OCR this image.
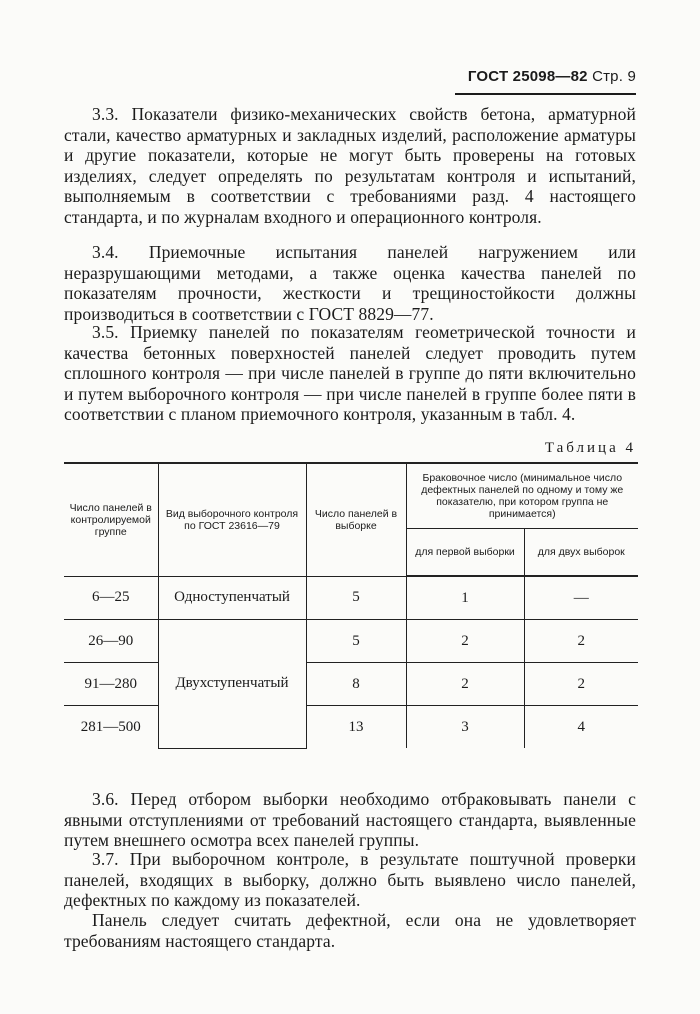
ГОСТ 25098—82 Стр. 9

3.3. Показатели физико-механических свойств бетона, арматурной стали, качество арматурных и закладных изделий, расположение арматуры и другие показатели, которые не могут быть проверены на готовых изделиях, следует определять по результатам контроля и испытаний, выполняемым в соответствии с требованиями разд. 4 настоящего стандарта, и по журналам входного и операционного контроля.

3.4. Приемочные испытания панелей нагружением или неразрушающими методами, а также оценка качества панелей по показателям прочности, жесткости и трещиностойкости должны производиться в соответствии с ГОСТ 8829—77.

3.5. Приемку панелей по показателям геометрической точности и качества бетонных поверхностей панелей следует проводить путем сплошного контроля — при числе панелей в группе до пяти включительно и путем выборочного контроля — при числе панелей в группе более пяти в соответствии с планом приемочного контроля, указанным в табл. 4.

Таблица 4
Число панелей в контролируемой группе	Вид выборочного контроля по ГОСТ 23616—79	Число панелей в выборке	Браковочное число (минимальное число дефектных панелей по одному и тому же показателю, при котором группа не принимается)	
			для первой выборки	для двух выборок
6—25	Одноступенчатый	5	1	—
26—90	Двухступенчатый	5	2	2
91—280		8	2	2
281—500		13	3	4

3.6. Перед отбором выборки необходимо отбраковывать панели с явными отступлениями от требований настоящего стандарта, выявленные путем внешнего осмотра всех панелей группы.

3.7. При выборочном контроле, в результате поштучной проверки панелей, входящих в выборку, должно быть выявлено число панелей, дефектных по каждому из показателей.

Панель следует считать дефектной, если она не удовлетворяет требованиям настоящего стандарта.
